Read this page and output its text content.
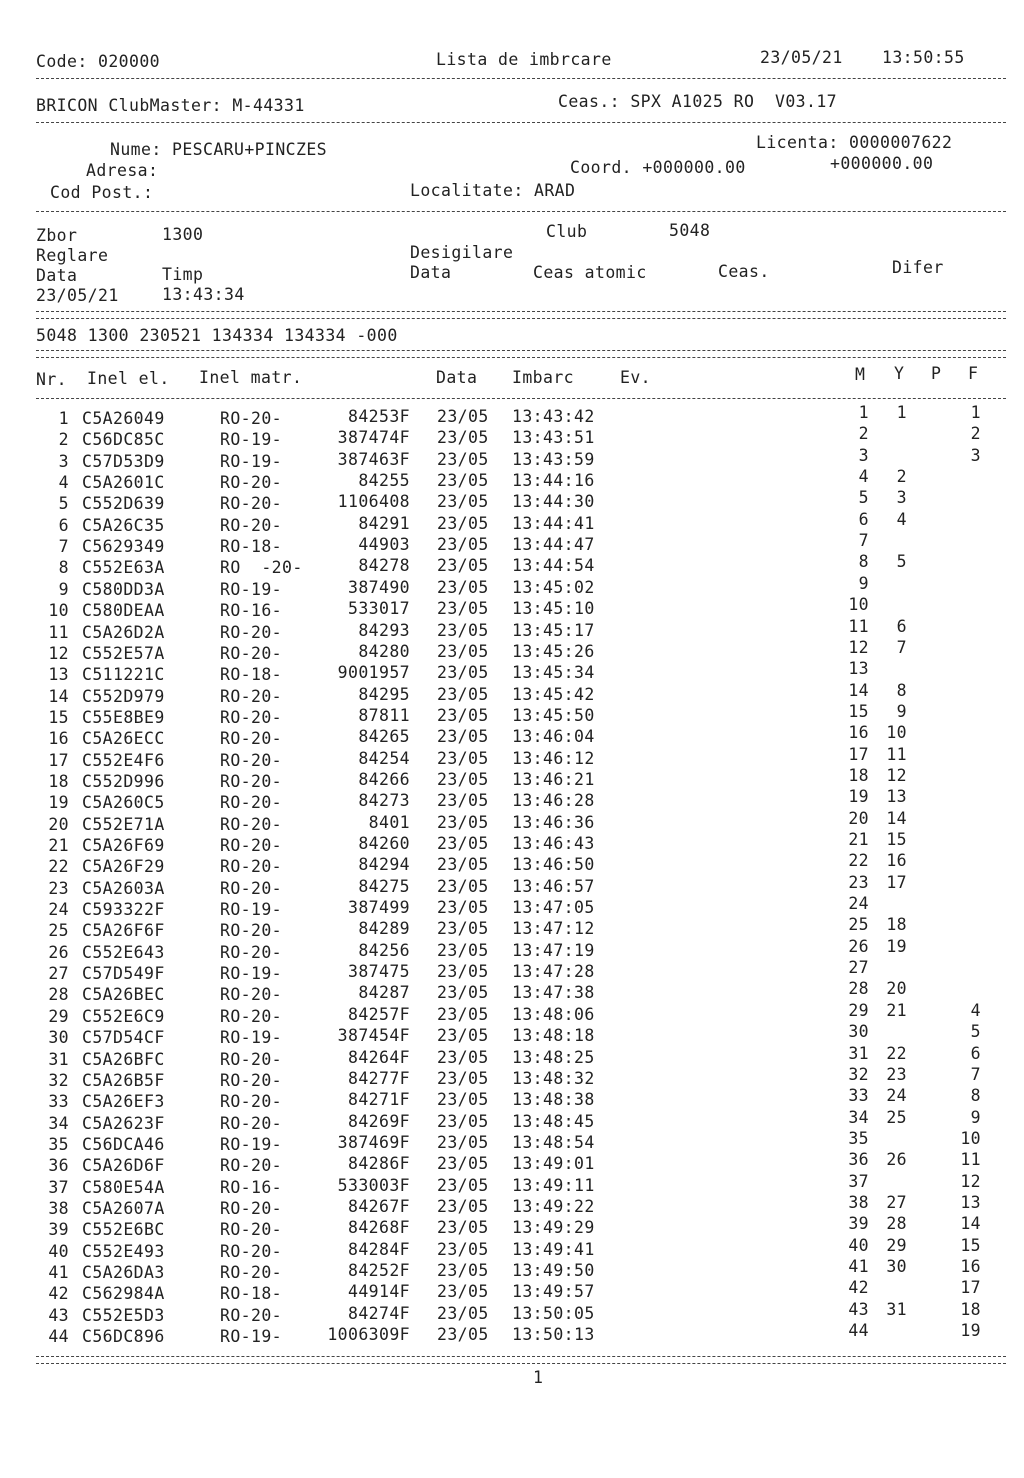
Code: 020000	Lista de imbrcare	23/05/21 13:50:55
BRICON ClubMaster: M-44331	Ceas.: SPX A1025 RO  V03.17
Nume: PESCARU+PINCZES	Licenta: 0000007622
Adresa:	Coord. +000000.00	+000000.00
Cod Post.:	Localitate: ARAD
Zbor	1300	Club	5048
Reglare	Desigilare
Data	Timp	Data	Ceas atomic	Ceas.	Difer
23/05/21	13:43:34
5048 1300 230521 134334 134334 -000
Nr. Inel el. Inel matr.	Data Imbarc	Ev.	M Y P F
1 C5A26049	RO-20-	84253F 23/05 13:43:42	1 1	1
2 C56DC85C	RO-19-	387474F 23/05 13:43:51	2	2
3 C57D53D9	RO-19-	387463F 23/05 13:43:59	3	3
4 C5A2601C	RO-20-	84255 23/05 13:44:16	4 2
5 C552D639	RO-20-	1106408 23/05 13:44:30	5 3
6 C5A26C35	RO-20-	84291 23/05 13:44:41	6 4
7 C5629349	RO-18-	44903 23/05 13:44:47	7
8 C552E63A	RO  -20-	84278 23/05 13:44:54	8 5
9 C580DD3A	RO-19-	387490 23/05 13:45:02	9
10 C580DEAA	RO-16-	533017 23/05 13:45:10	10
11 C5A26D2A	RO-20-	84293 23/05 13:45:17	11 6
12 C552E57A	RO-20-	84280 23/05 13:45:26	12 7
13 C511221C	RO-18-	9001957 23/05 13:45:34	13
14 C552D979	RO-20-	84295 23/05 13:45:42	14 8
15 C55E8BE9	RO-20-	87811 23/05 13:45:50	15 9
16 C5A26ECC	RO-20-	84265 23/05 13:46:04	16 10
17 C552E4F6	RO-20-	84254 23/05 13:46:12	17 11
18 C552D996	RO-20-	84266 23/05 13:46:21	18 12
19 C5A260C5	RO-20-	84273 23/05 13:46:28	19 13
20 C552E71A	RO-20-	8401 23/05 13:46:36	20 14
21 C5A26F69	RO-20-	84260 23/05 13:46:43	21 15
22 C5A26F29	RO-20-	84294 23/05 13:46:50	22 16
23 C5A2603A	RO-20-	84275 23/05 13:46:57	23 17
24 C593322F	RO-19-	387499 23/05 13:47:05	24
25 C5A26F6F	RO-20-	84289 23/05 13:47:12	25 18
26 C552E643	RO-20-	84256 23/05 13:47:19	26 19
27 C57D549F	RO-19-	387475 23/05 13:47:28	27
28 C5A26BEC	RO-20-	84287 23/05 13:47:38	28 20
29 C552E6C9	RO-20-	84257F 23/05 13:48:06	29 21	4
30 C57D54CF	RO-19-	387454F 23/05 13:48:18	30	5
31 C5A26BFC	RO-20-	84264F 23/05 13:48:25	31 22	6
32 C5A26B5F	RO-20-	84277F 23/05 13:48:32	32 23	7
33 C5A26EF3	RO-20-	84271F 23/05 13:48:38	33 24	8
34 C5A2623F	RO-20-	84269F 23/05 13:48:45	34 25	9
35 C56DCA46	RO-19-	387469F 23/05 13:48:54	35	10
36 C5A26D6F	RO-20-	84286F 23/05 13:49:01	36 26	11
37 C580E54A	RO-16-	533003F 23/05 13:49:11	37	12
38 C5A2607A	RO-20-	84267F 23/05 13:49:22	38 27	13
39 C552E6BC	RO-20-	84268F 23/05 13:49:29	39 28	14
40 C552E493	RO-20-	84284F 23/05 13:49:41	40 29	15
41 C5A26DA3	RO-20-	84252F 23/05 13:49:50	41 30	16
42 C562984A	RO-18-	44914F 23/05 13:49:57	42	17
43 C552E5D3	RO-20-	84274F 23/05 13:50:05	43 31	18
44 C56DC896	RO-19-	1006309F 23/05 13:50:13	44	19
1
